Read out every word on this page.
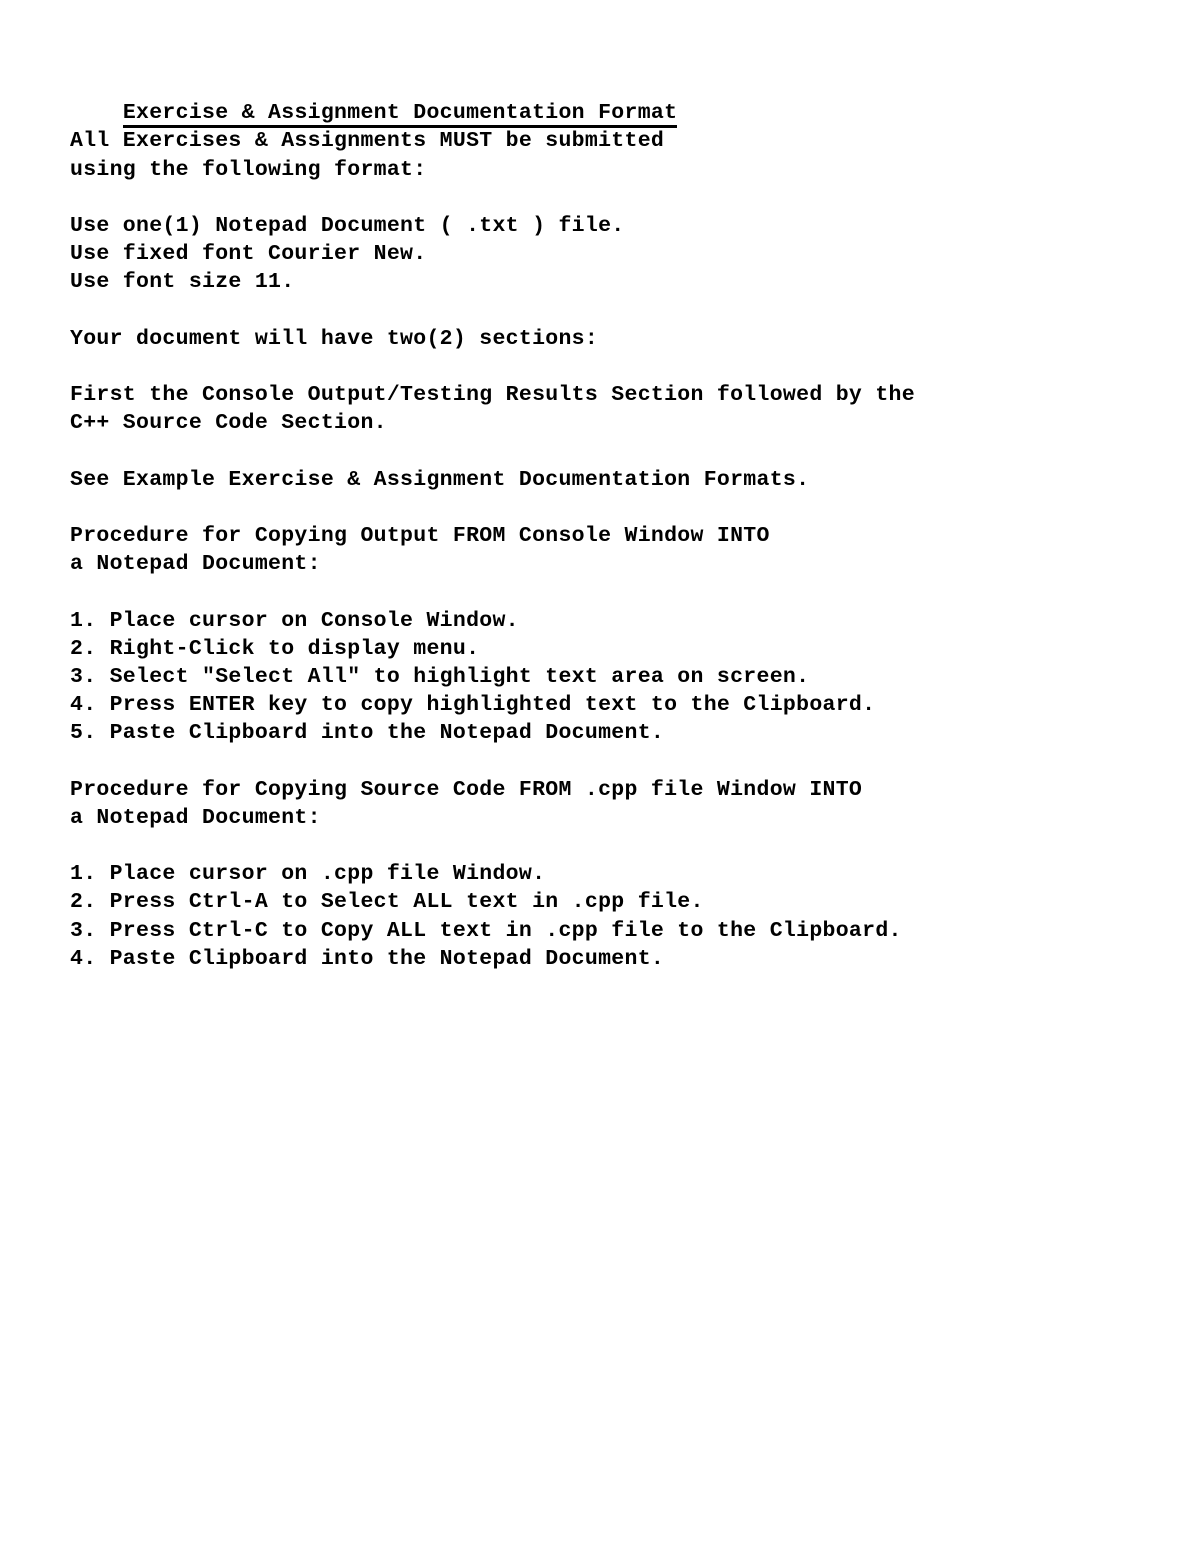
Exercise & Assignment Documentation Format

All Exercises & Assignments MUST be submitted
using the following format:
Use one(1) Notepad Document ( .txt ) file.
Use fixed font Courier New.
Use font size 11.
Your document will have two(2) sections:
First the Console Output/Testing Results Section followed by the
C++ Source Code Section.
See Example Exercise & Assignment Documentation Formats.
Procedure for Copying Output FROM Console Window INTO
a Notepad Document:
1. Place cursor on Console Window.
2. Right-Click to display menu.
3. Select "Select All" to highlight text area on screen.
4. Press ENTER key to copy highlighted text to the Clipboard.
5. Paste Clipboard into the Notepad Document.
Procedure for Copying Source Code FROM .cpp file Window INTO
a Notepad Document:
1. Place cursor on .cpp file Window.
2. Press Ctrl-A to Select ALL text in .cpp file.
3. Press Ctrl-C to Copy ALL text in .cpp file to the Clipboard.
4. Paste Clipboard into the Notepad Document.
